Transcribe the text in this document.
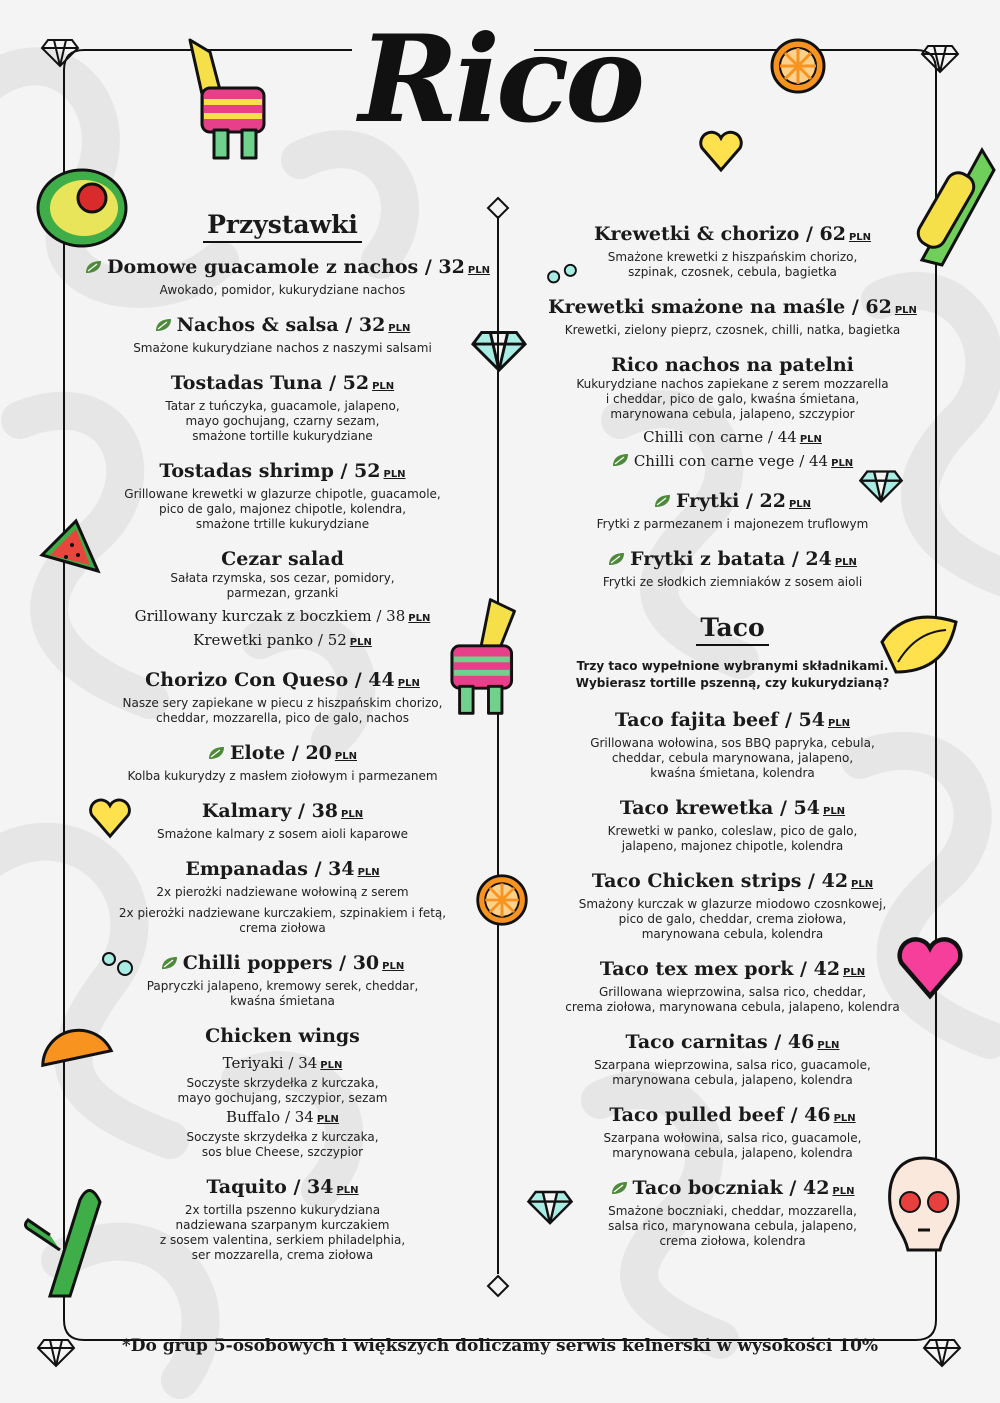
Rico
Przystawki
Domowe guacamole z nachos / 32 PLN
Awokado, pomidor, kukurydziane nachos
Nachos & salsa / 32 PLN
Smażone kukurydziane nachos z naszymi salsami
Tostadas Tuna / 52 PLN
Tatar z tuńczyka, guacamole, jalapeno,
mayo gochujang, czarny sezam,
smażone tortille kukurydziane
Tostadas shrimp / 52 PLN
Grillowane krewetki w glazurze chipotle, guacamole,
pico de galo, majonez chipotle, kolendra,
smażone trtille kukurydziane
Cezar salad
Sałata rzymska, sos cezar, pomidory,
parmezan, grzanki
Grillowany kurczak z boczkiem / 38 PLN
Krewetki panko / 52 PLN
Chorizo Con Queso / 44 PLN
Nasze sery zapiekane w piecu z hiszpańskim chorizo,
cheddar, mozzarella, pico de galo, nachos
Elote / 20 PLN
Kolba kukurydzy z masłem ziołowym i parmezanem
Kalmary / 38 PLN
Smażone kalmary z sosem aioli kaparowe
Empanadas / 34 PLN
2x pierożki nadziewane wołowiną z serem
2x pierożki nadziewane kurczakiem, szpinakiem i fetą,
crema ziołowa
Chilli poppers / 30 PLN
Papryczki jalapeno, kremowy serek, cheddar,
kwaśna śmietana
Chicken wings
Teriyaki / 34 PLN
Soczyste skrzydełka z kurczaka,
mayo gochujang, szczypior, sezam
Buffalo / 34 PLN
Soczyste skrzydełka z kurczaka,
sos blue Cheese, szczypior
Taquito / 34 PLN
2x tortilla pszenno kukurydziana
nadziewana szarpanym kurczakiem
z sosem valentina, serkiem philadelphia,
ser mozzarella, crema ziołowa
Krewetki & chorizo / 62 PLN
Smażone krewetki z hiszpańskim chorizo,
szpinak, czosnek, cebula, bagietka
Krewetki smażone na maśle / 62 PLN
Krewetki, zielony pieprz, czosnek, chilli, natka, bagietka
Rico nachos na patelni
Kukurydziane nachos zapiekane z serem mozzarella
i cheddar, pico de galo, kwaśna śmietana,
marynowana cebula, jalapeno, szczypior
Chilli con carne / 44 PLN
Chilli con carne vege / 44 PLN
Frytki / 22 PLN
Frytki z parmezanem i majonezem truflowym
Frytki z batata / 24 PLN
Frytki ze słodkich ziemniaków z sosem aioli
Taco
Trzy taco wypełnione wybranymi składnikami.
Wybierasz tortille pszenną, czy kukurydzianą?
Taco fajita beef / 54 PLN
Grillowana wołowina, sos BBQ papryka, cebula,
cheddar, cebula marynowana, jalapeno,
kwaśna śmietana, kolendra
Taco krewetka / 54 PLN
Krewetki w panko, coleslaw, pico de galo,
jalapeno, majonez chipotle, kolendra
Taco Chicken strips / 42 PLN
Smażony kurczak w glazurze miodowo czosnkowej,
pico de galo, cheddar, crema ziołowa,
marynowana cebula, kolendra
Taco tex mex pork / 42 PLN
Grillowana wieprzowina, salsa rico, cheddar,
crema ziołowa, marynowana cebula, jalapeno, kolendra
Taco carnitas / 46 PLN
Szarpana wieprzowina, salsa rico, guacamole,
marynowana cebula, jalapeno, kolendra
Taco pulled beef / 46 PLN
Szarpana wołowina, salsa rico, guacamole,
marynowana cebula, jalapeno, kolendra
Taco boczniak / 42 PLN
Smażone boczniaki, cheddar, mozzarella,
salsa rico, marynowana cebula, jalapeno,
crema ziołowa, kolendra
*Do grup 5-osobowych i większych doliczamy serwis kelnerski w wysokości 10%
